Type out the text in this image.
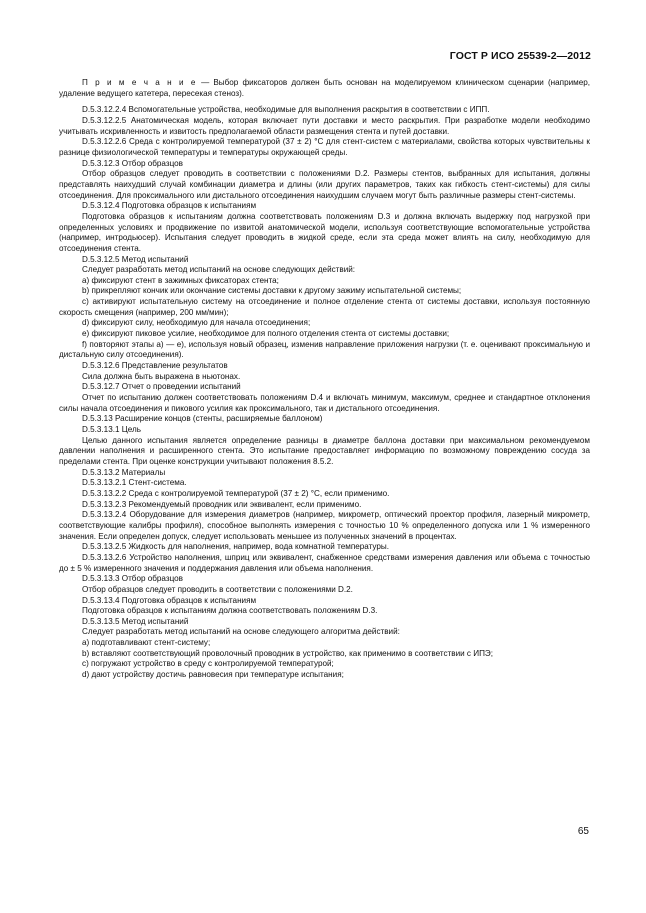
ГОСТ Р ИСО 25539-2—2012

П р и м е ч а н и е — Выбор фиксаторов должен быть основан на моделируемом клиническом сценарии (например, удаление ведущего катетера, пересекая стеноз).

D.5.3.12.2.4 Вспомогательные устройства, необходимые для выполнения раскрытия в соответствии с ИПП.

D.5.3.12.2.5 Анатомическая модель, которая включает пути доставки и место раскрытия. При разработке модели необходимо учитывать искривленность и извитость предполагаемой области размещения стента и путей доставки.

D.5.3.12.2.6 Среда с контролируемой температурой (37 ± 2) °С для стент-систем с материалами, свойства которых чувствительны к разнице физиологической температуры и температуры окружающей среды.

D.5.3.12.3 Отбор образцов

Отбор образцов следует проводить в соответствии с положениями D.2. Размеры стентов, выбранных для испытания, должны представлять наихудший случай комбинации диаметра и длины (или других параметров, таких как гибкость стент-системы) для силы отсоединения. Для проксимального или дистального отсоединения наихудшим случаем могут быть различные размеры стент-системы.

D.5.3.12.4 Подготовка образцов к испытаниям

Подготовка образцов к испытаниям должна соответствовать положениям D.3 и должна включать выдержку под нагрузкой при определенных условиях и продвижение по извитой анатомической модели, используя соответствующие вспомогательные устройства (например, интродьюсер). Испытания следует проводить в жидкой среде, если эта среда может влиять на силу, необходимую для отсоединения стента.

D.5.3.12.5 Метод испытаний

Следует разработать метод испытаний на основе следующих действий:

а) фиксируют стент в зажимных фиксаторах стента;

b) прикрепляют кончик или окончание системы доставки к другому зажиму испытательной системы;

c) активируют испытательную систему на отсоединение и полное отделение стента от системы доставки, используя постоянную скорость смещения (например, 200 мм/мин);

d) фиксируют силу, необходимую для начала отсоединения;

e) фиксируют пиковое усилие, необходимое для полного отделения стента от системы доставки;

f) повторяют этапы а) — е), используя новый образец, изменив направление приложения нагрузки (т. е. оценивают проксимальную и дистальную силу отсоединения).

D.5.3.12.6 Представление результатов

Сила должна быть выражена в ньютонах.

D.5.3.12.7 Отчет о проведении испытаний

Отчет по испытанию должен соответствовать положениям D.4 и включать минимум, максимум, среднее и стандартное отклонения силы начала отсоединения и пикового усилия как проксимального, так и дистального отсоединения.

D.5.3.13 Расширение концов (стенты, расширяемые баллоном)

D.5.3.13.1 Цель

Целью данного испытания является определение разницы в диаметре баллона доставки при максимальном рекомендуемом давлении наполнения и расширенного стента. Это испытание предоставляет информацию по возможному повреждению сосуда за пределами стента. При оценке конструкции учитывают положения 8.5.2.

D.5.3.13.2 Материалы

D.5.3.13.2.1 Стент-система.

D.5.3.13.2.2 Среда с контролируемой температурой (37 ± 2) °С, если применимо.

D.5.3.13.2.3 Рекомендуемый проводник или эквивалент, если применимо.

D.5.3.13.2.4 Оборудование для измерения диаметров (например, микрометр, оптический проектор профиля, лазерный микрометр, соответствующие калибры профиля), способное выполнять измерения с точностью 10 % определенного допуска или 1 % измеренного значения. Если определен допуск, следует использовать меньшее из полученных значений в процентах.

D.5.3.13.2.5 Жидкость для наполнения, например, вода комнатной температуры.

D.5.3.13.2.6 Устройство наполнения, шприц или эквивалент, снабженное средствами измерения давления или объема с точностью до ± 5 % измеренного значения и поддержания давления или объема наполнения.

D.5.3.13.3 Отбор образцов

Отбор образцов следует проводить в соответствии с положениями D.2.

D.5.3.13.4 Подготовка образцов к испытаниям

Подготовка образцов к испытаниям должна соответствовать положениям D.3.

D.5.3.13.5 Метод испытаний

Следует разработать метод испытаний на основе следующего алгоритма действий:

а) подготавливают стент-систему;

b) вставляют соответствующий проволочный проводник в устройство, как применимо в соответствии с ИПЭ;

c) погружают устройство в среду с контролируемой температурой;

d) дают устройству достичь равновесия при температуре испытания;

65
